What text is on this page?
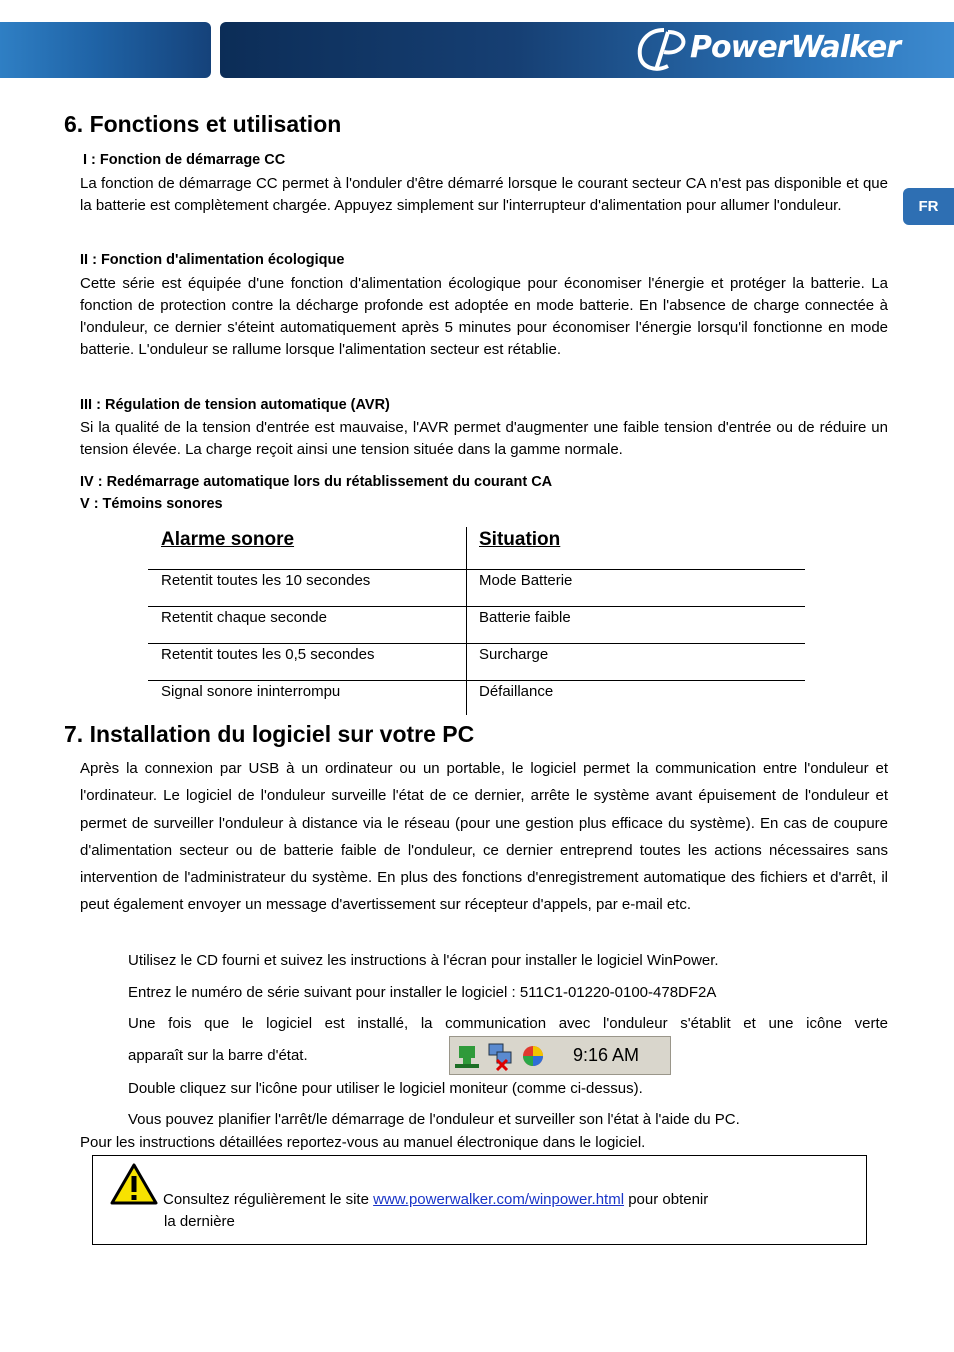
PowerWalker
FR
6. Fonctions et utilisation

I : Fonction de démarrage CC

La fonction de démarrage CC permet à l'onduler d'être démarré lorsque le courant secteur CA n'est pas disponible et que la batterie est complètement chargée. Appuyez simplement sur l'interrupteur d'alimentation pour allumer l'onduleur.

II : Fonction d'alimentation écologique

Cette série est équipée d'une fonction d'alimentation écologique pour économiser l'énergie et protéger la batterie. La fonction de protection contre la décharge profonde est adoptée en mode batterie. En l'absence de charge connectée à l'onduleur, ce dernier s'éteint automatiquement après 5 minutes pour économiser l'énergie lorsqu'il fonctionne en mode batterie. L'onduleur se rallume lorsque l'alimentation secteur est rétablie.

III : Régulation de tension automatique (AVR)

Si la qualité de la tension d'entrée est mauvaise, l'AVR permet d'augmenter une faible tension d'entrée ou de réduire un tension élevée. La charge reçoit ainsi une tension située dans la gamme normale.

IV : Redémarrage automatique lors du rétablissement du courant CA

V : Témoins sonores

Alarme sonore	Situation
Retentit toutes les 10 secondes	Mode Batterie
Retentit chaque seconde	Batterie faible
Retentit toutes les 0,5 secondes	Surcharge
Signal sonore ininterrompu	Défaillance
7. Installation du logiciel sur votre PC

Après la connexion par USB à un ordinateur ou un portable, le logiciel permet la communication entre l'onduleur et l'ordinateur. Le logiciel de l'onduleur surveille l'état de ce dernier, arrête le système avant épuisement de l'onduleur et permet de surveiller l'onduleur à distance via le réseau (pour une gestion plus efficace du système). En cas de coupure d'alimentation secteur ou de batterie faible de l'onduleur, ce dernier entreprend toutes les actions nécessaires sans intervention de l'administrateur du système. En plus des fonctions d'enregistrement automatique des fichiers et d'arrêt, il peut également envoyer un message d'avertissement sur récepteur d'appels, par e-mail etc.

Utilisez le CD fourni et suivez les instructions à l'écran pour installer le logiciel WinPower.

Entrez le numéro de série suivant pour installer le logiciel : 511C1-01220-0100-478DF2A

Une fois que le logiciel est installé, la communication avec l'onduleur s'établit et une icône verte

apparaît sur la barre d'état.	9:16 AM

Double cliquez sur l'icône pour utiliser le logiciel moniteur (comme ci-dessus).

Vous pouvez planifier l'arrêt/le démarrage de l'onduleur et surveiller son l'état à l'aide du PC.

Pour les instructions détaillées reportez-vous au manuel électronique dans le logiciel.

Consultez régulièrement le site www.powerwalker.com/winpower.html pour obtenir

la dernière
